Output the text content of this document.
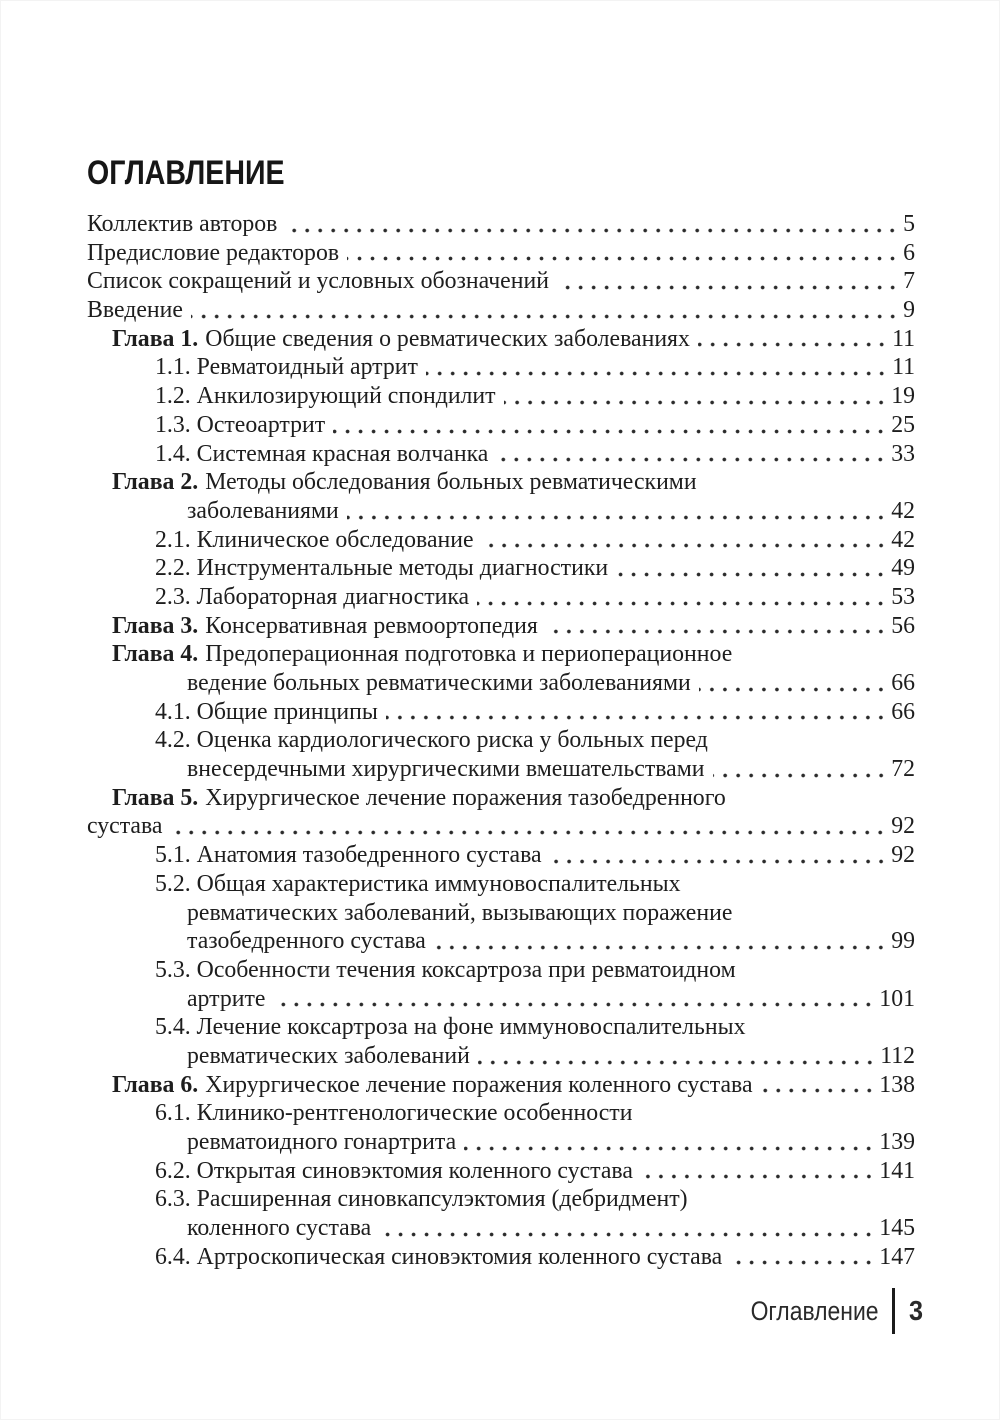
ОГЛАВЛЕНИЕ
Коллектив авторов	5
Предисловие редакторов	6
Список сокращений и условных обозначений	7
Введение	9
Глава 1. Общие сведения о ревматических заболеваниях	11
1.1. Ревматоидный артрит	11
1.2. Анкилозирующий спондилит	19
1.3. Остеоартрит	25
1.4. Системная красная волчанка	33
Глава 2. Методы обследования больных ревматическими
заболеваниями	42
2.1. Клиническое обследование	42
2.2. Инструментальные методы диагностики	49
2.3. Лабораторная диагностика	53
Глава 3. Консервативная ревмоортопедия	56
Глава 4. Предоперационная подготовка и периоперационное
ведение больных ревматическими заболеваниями	66
4.1. Общие принципы	66
4.2. Оценка кардиологического риска у больных перед
внесердечными хирургическими вмешательствами	72
Глава 5. Хирургическое лечение поражения тазобедренного
сустава	92
5.1. Анатомия тазобедренного сустава	92
5.2. Общая характеристика иммуновоспалительных
ревматических заболеваний, вызывающих поражение
тазобедренного сустава	99
5.3. Особенности течения коксартроза при ревматоидном
артрите	101
5.4. Лечение коксартроза на фоне иммуновоспалительных
ревматических заболеваний	112
Глава 6. Хирургическое лечение поражения коленного сустава	138
6.1. Клинико-рентгенологические особенности
ревматоидного гонартрита	139
6.2. Открытая синовэктомия коленного сустава	141
6.3. Расширенная синовкапсулэктомия (дебридмент)
коленного сустава	145
6.4. Артроскопическая синовэктомия коленного сустава	147
Оглавление 3
